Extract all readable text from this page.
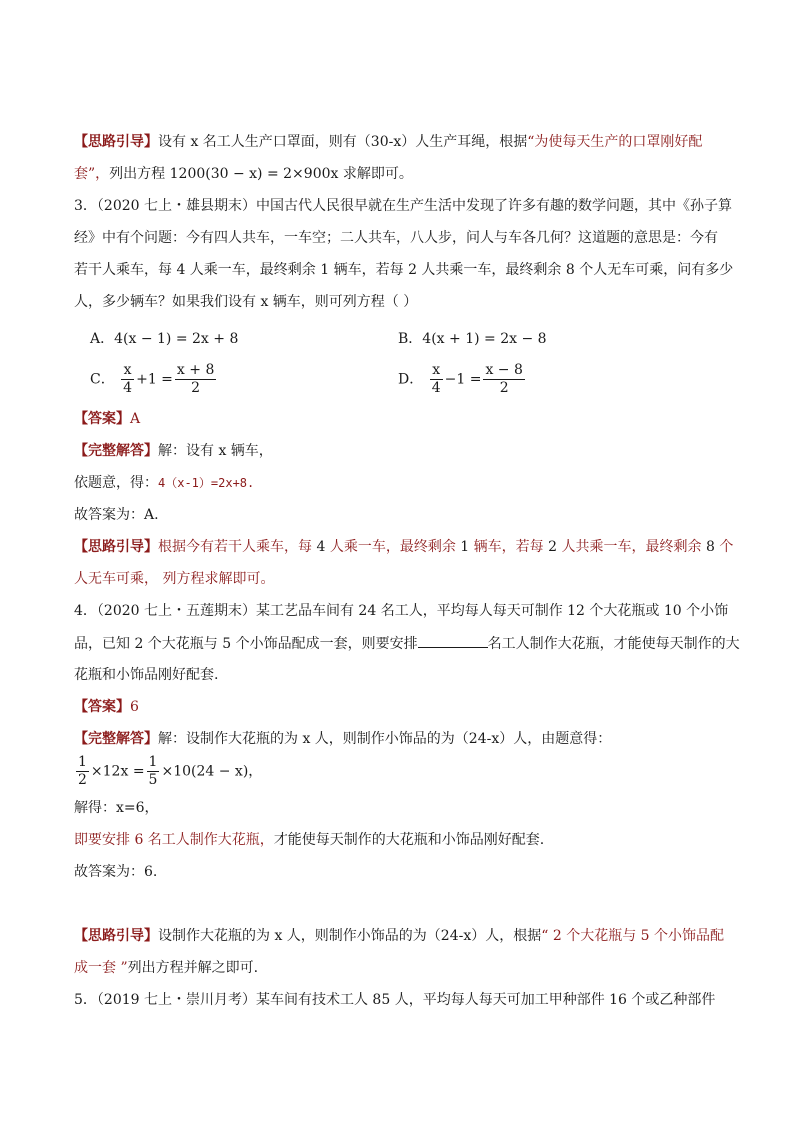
【思路引导】设有 x 名工人生产口罩面，则有（30-x）人生产耳绳，根据“为使每天生产的口罩刚好配
套”，列出方程 1200(30 − x) = 2×900x 求解即可。
3．（2020 七上・雄县期末）中国古代人民很早就在生产生活中发现了许多有趣的数学问题，其中《孙子算
经》中有个问题：今有四人共车，一车空；二人共车，八人步，问人与车各几何？这道题的意思是：今有
若干人乘车，每 4 人乘一车，最终剩余 1 辆车，若每 2 人共乘一车，最终剩余 8 个人无车可乘，问有多少
人，多少辆车？如果我们设有 x 辆车，则可列方程（ ）
A．4(x − 1) = 2x + 8	B．4(x + 1) = 2x − 8
C． $\frac{x}{4} +1 = \frac{x + 8}{2}$	D． $\frac{x}{4} -1 = \frac{x - 8}{2}$
【答案】A
【完整解答】解：设有 x 辆车，
依题意，得：4（x-1）=2x+8.
故答案为：A.
【思路引导】根据今有若干人乘车，每 4 人乘一车，最终剩余 1 辆车，若每 2 人共乘一车，最终剩余 8 个
人无车可乘， 列方程求解即可。
4．（2020 七上・五莲期末）某工艺品车间有 24 名工人，平均每人每天可制作 12 个大花瓶或 10 个小饰
品，已知 2 个大花瓶与 5 个小饰品配成一套，则要安排	名工人制作大花瓶，才能使每天制作的大
花瓶和小饰品刚好配套.
【答案】6
【完整解答】解：设制作大花瓶的为 x 人，则制作小饰品的为（24-x）人，由题意得：
$\frac{1}{2} \times 12x = \frac{1}{5} \times 10(24 - x)$，
解得：x=6，
即要安排 6 名工人制作大花瓶，才能使每天制作的大花瓶和小饰品刚好配套.
故答案为：6.
【思路引导】设制作大花瓶的为 x 人，则制作小饰品的为（24-x）人，根据“ 2 个大花瓶与 5 个小饰品配
成一套 ”列出方程并解之即可.
5．（2019 七上・崇川月考）某车间有技术工人 85 人，平均每人每天可加工甲种部件 16 个或乙种部件
